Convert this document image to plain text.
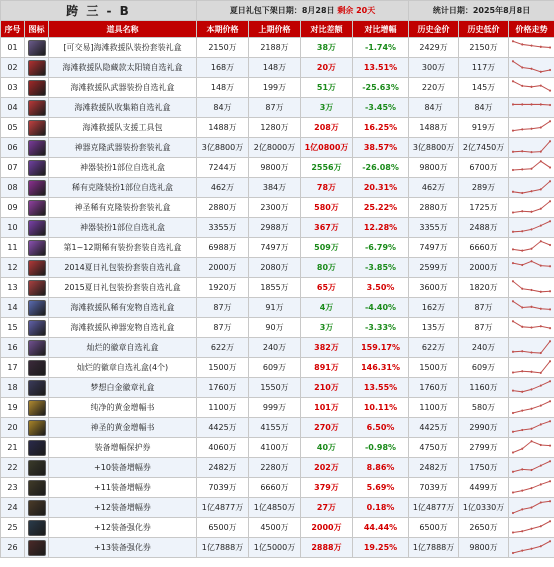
跨 三 - B			夏日礼包下架日期：8月28日 剩余 20天				统计日期：2025年8月8日		
序号	图标	道具名称	本期价格	上期价格	对比差额	对比增幅	历史金价	历史低价	价格走势
01		[可交易]海滩救援队装扮套装礼盒	2150万	2188万	38万	-1.74%	2429万	2150万	

02		海滩救援队隐藏款太阳镜自选礼盒	168万	148万	20万	13.51%	300万	117万	

03		海滩救援队武器装扮自选礼盒	148万	199万	51万	-25.63%	220万	145万	

04		海滩救援队收集箱自选礼盒	84万	87万	3万	-3.45%	84万	84万	

05		海滩救援队支援工具包	1488万	1280万	208万	16.25%	1488万	919万	

06		神器克隆武器装扮套装礼盒	3亿8800万	2亿8000万	1亿0800万	38.57%	3亿8800万	2亿7450万	

07		神器装扮1部位自选礼盒	7244万	9800万	2556万	-26.08%	9800万	6700万	

08		稀有克隆装扮1部位自选礼盒	462万	384万	78万	20.31%	462万	289万	

09		神圣稀有克隆装扮套装礼盒	2880万	2300万	580万	25.22%	2880万	1725万	

10		神器装扮1部位自选礼盒	3355万	2988万	367万	12.28%	3355万	2488万	

11		第1~12期稀有装扮套装自选礼盒	6988万	7497万	509万	-6.79%	7497万	6660万	

12		2014夏日礼包装扮套装自选礼盒	2000万	2080万	80万	-3.85%	2599万	2000万	

13		2015夏日礼包装扮套装自选礼盒	1920万	1855万	65万	3.50%	3600万	1820万	

14		海滩救援队稀有宠物自选礼盒	87万	91万	4万	-4.40%	162万	87万	

15		海滩救援队神器宠物自选礼盒	87万	90万	3万	-3.33%	135万	87万	

16		灿烂的徽章自选礼盒	622万	240万	382万	159.17%	622万	240万	

17		灿烂的徽章自选礼盒(4个)	1500万	609万	891万	146.31%	1500万	609万	

18		梦想白金徽章礼盒	1760万	1550万	210万	13.55%	1760万	1160万	

19		纯净的黄金增幅书	1100万	999万	101万	10.11%	1100万	580万	

20		神圣的黄金增幅书	4425万	4155万	270万	6.50%	4425万	2990万	

21		装备增幅保护券	4060万	4100万	40万	-0.98%	4750万	2799万	

22		+10装备增幅券	2482万	2280万	202万	8.86%	2482万	1750万	

23		+11装备增幅券	7039万	6660万	379万	5.69%	7039万	4499万	

24		+12装备增幅券	1亿4877万	1亿4850万	27万	0.18%	1亿4877万	1亿0330万	

25		+12装备强化券	6500万	4500万	2000万	44.44%	6500万	2650万	

26		+13装备强化券	1亿7888万	1亿5000万	2888万	19.25%	1亿7888万	9800万	
